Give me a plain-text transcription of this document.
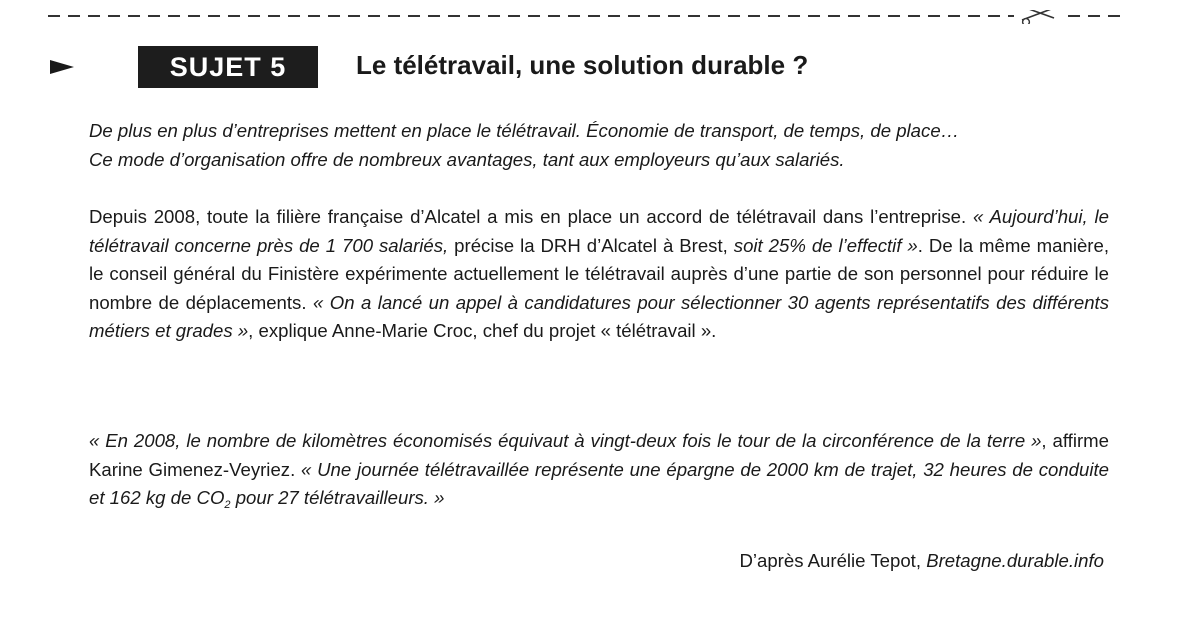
SUJET 5	Le télétravail, une solution durable ?
De plus en plus d’entreprises mettent en place le télétravail. Économie de transport, de temps, de place…
Ce mode d’organisation offre de nombreux avantages, tant aux employeurs qu’aux salariés.
Depuis 2008, toute la filière française d’Alcatel a mis en place un accord de télétravail dans l’entreprise. « Aujourd’hui, le télétravail concerne près de 1 700 salariés, précise la DRH d’Alcatel à Brest, soit 25% de l’effectif ». De la même manière, le conseil général du Finistère expérimente actuellement le télétravail auprès d’une partie de son personnel pour réduire le nombre de déplacements. « On a lancé un appel à candidatures pour sélectionner 30 agents représentatifs des différents métiers et grades », explique Anne-Marie Croc, chef du projet « télétravail ».
« En 2008, le nombre de kilomètres économisés équivaut à vingt-deux fois le tour de la circonférence de la terre », affirme Karine Gimenez-Veyriez. « Une journée télétravaillée représente une épargne de 2000 km de trajet, 32 heures de conduite et 162 kg de $CO_2$ pour 27 télétravailleurs. »
D’après Aurélie Tepot, Bretagne.durable.info
